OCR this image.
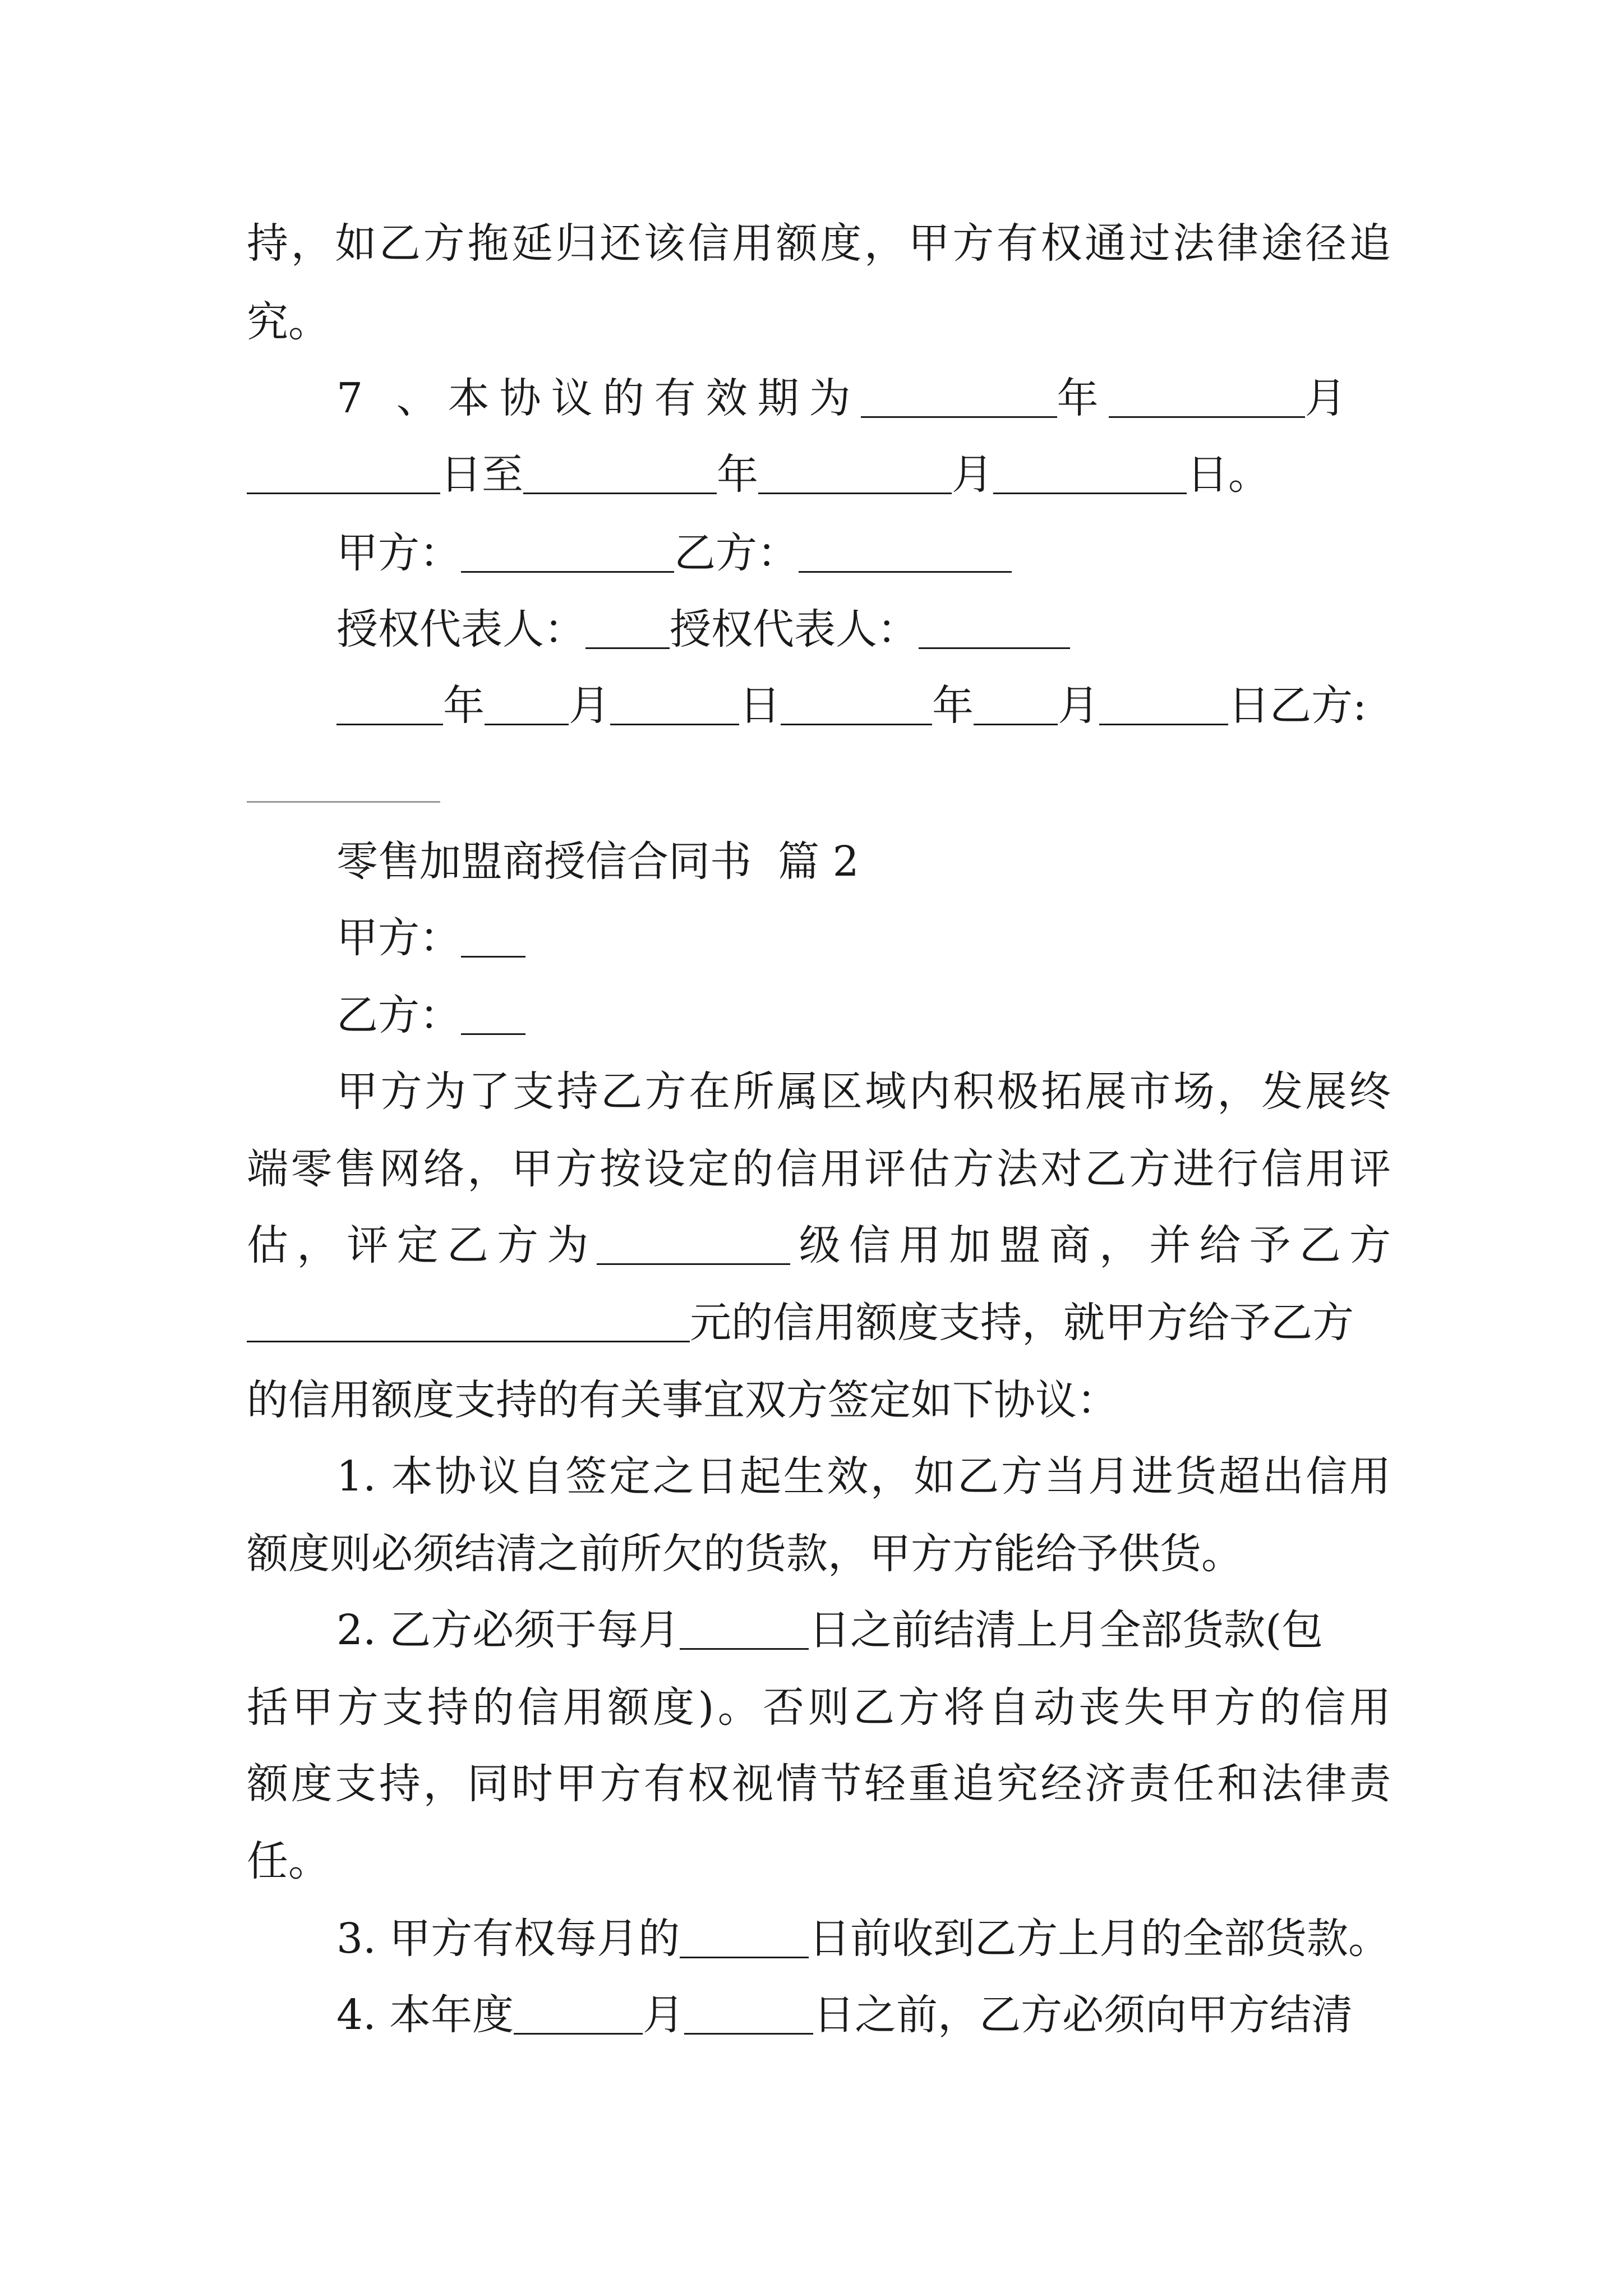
持，如乙方拖延归还该信用额度，甲方有权通过法律途径追
究。
7 、本协议的有效期为	年	月
日至	年	月	日。
甲方：	乙方：
授权代表人： 授权代表人：
年 月	日	年 月	日乙方:
零售加盟商授信合同书 篇 2
甲方：
乙方：
甲方为了支持乙方在所属区域内积极拓展市场，发展终
端零售网络，甲方按设定的信用评估方法对乙方进行信用评
估，评定乙方为	级信用加盟商，并给予乙方
元的信用额度支持，就甲方给予乙方
的信用额度支持的有关事宜双方签定如下协议：
1. 本协议自签定之日起生效，如乙方当月进货超出信用
额度则必须结清之前所欠的货款，甲方方能给予供货。
2. 乙方必须于每月	日之前结清上月全部货款(包
括甲方支持的信用额度)。否则乙方将自动丧失甲方的信用
额度支持，同时甲方有权视情节轻重追究经济责任和法律责
任。
3. 甲方有权每月的	日前收到乙方上月的全部货款。
4. 本年度	月	日之前，乙方必须向甲方结清
